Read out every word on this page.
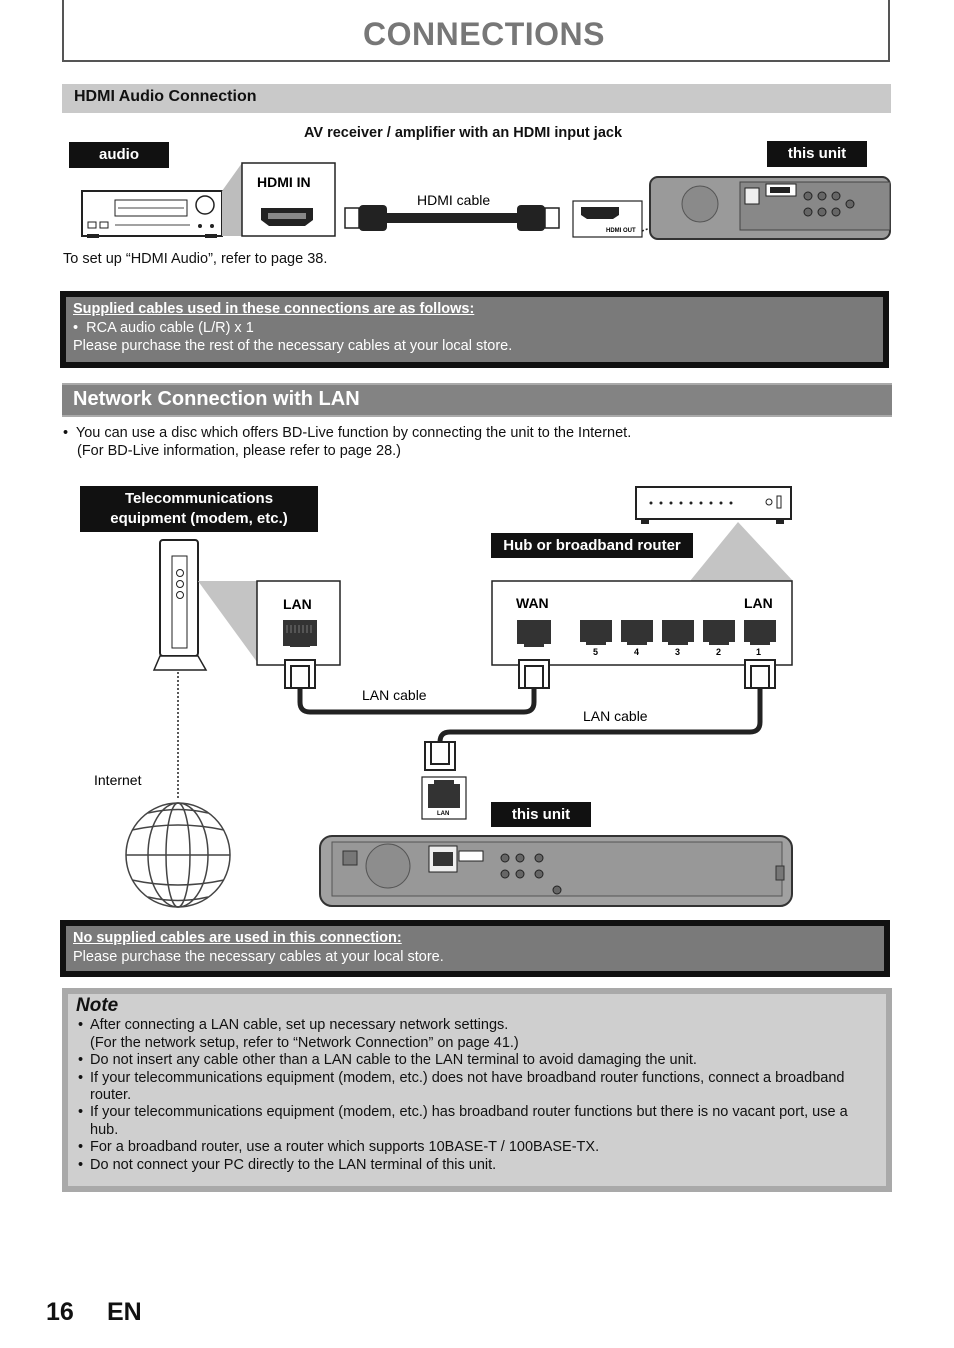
CONNECTIONS
HDMI Audio Connection
AV receiver / amplifier with an HDMI input jack
audio	this unit
HDMI IN
HDMI cable
HDMI OUT
To set up “HDMI Audio”, refer to page 38.
Supplied cables used in these connections are as follows:
•  RCA audio cable (L/R) x 1
Please purchase the rest of the necessary cables at your local store.
Network Connection with LAN
•  You can use a disc which offers BD-Live function by connecting the unit to the Internet.
(For BD-Live information, please refer to page 28.)
Telecommunications
equipment (modem, etc.)
Hub or broadband router
this unit
LAN	WAN	LAN
5	4	3	2	1
LAN cable
LAN cable
LAN
Internet
No supplied cables are used in this connection:
Please purchase the necessary cables at your local store.
Note
• After connecting a LAN cable, set up necessary network settings.
(For the network setup, refer to “Network Connection” on page 41.)
• Do not insert any cable other than a LAN cable to the LAN terminal to avoid damaging the unit.
• If your telecommunications equipment (modem, etc.) does not have broadband router functions, connect a broadband router.
• If your telecommunications equipment (modem, etc.) has broadband router functions but there is no vacant port, use a hub.
• For a broadband router, use a router which supports 10BASE-T / 100BASE-TX.
• Do not connect your PC directly to the LAN terminal of this unit.
16 EN
